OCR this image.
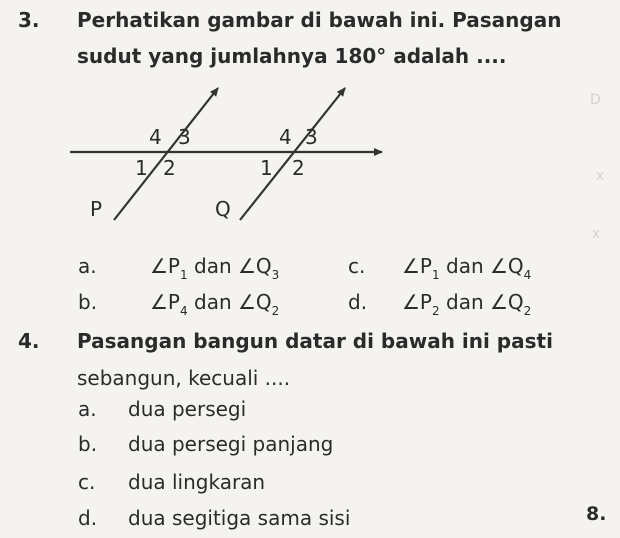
D
x
x
3. Perhatikan gambar di bawah ini. Pasangan
sudut yang jumlahnya 180° adalah ....
4 3
1 2
4 3
1 2
P	Q
a.	$\angle P_1$ dan $\angle Q_3$	c. $\angle P_1$ dan $\angle Q_4$
b.	$\angle P_4$ dan $\angle Q_2$	d. $\angle P_2$ dan $\angle Q_2$
4. Pasangan bangun datar di bawah ini pasti
sebangun, kecuali ....
a. dua persegi
b. dua persegi panjang
c. dua lingkaran
d. dua segitiga sama sisi	8.
